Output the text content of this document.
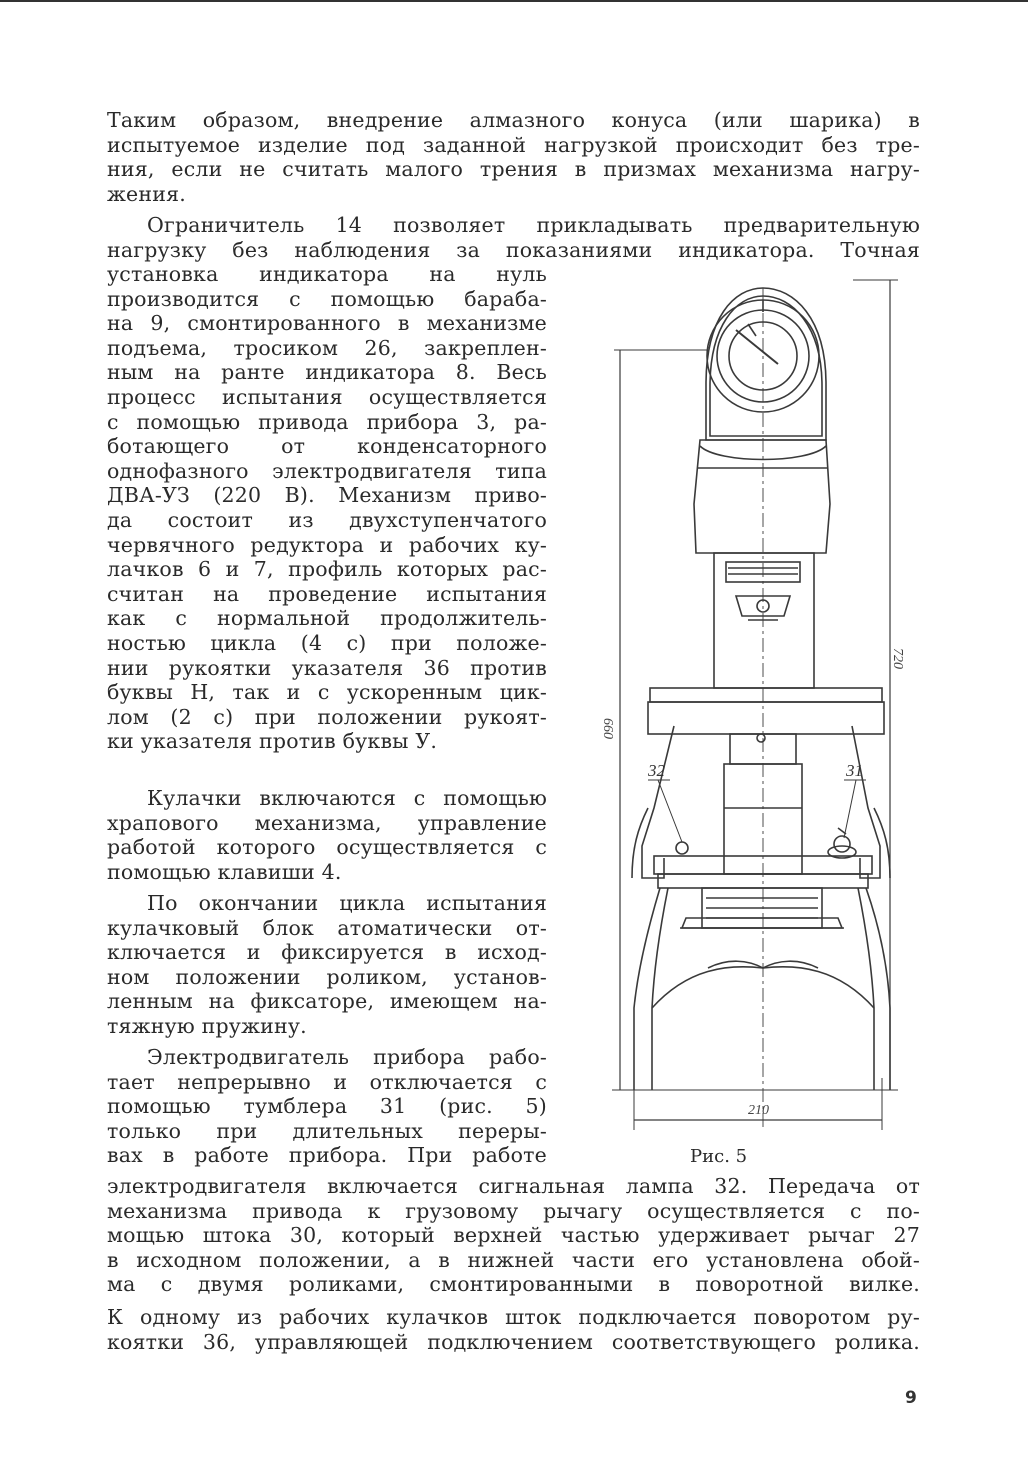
Таким образом, внедрение алмазного конуса (или шарика) в
испытуемое изделие под заданной нагрузкой происходит без тре-
ния, если не считать малого трения в призмах механизма нагру-
жения.
Ограничитель 14 позволяет прикладывать предварительную
нагрузку без наблюдения за показаниями индикатора. Точная
установка индикатора на нуль
производится с помощью бараба-
на 9, смонтированного в механизме
подъема, тросиком 26, закреплен-
ным на ранте индикатора 8. Весь
процесс испытания осуществляется
с помощью привода прибора 3, ра-
ботающего от конденсаторного
однофазного электродвигателя типа
ДВА-УЗ (220 В). Механизм приво-
да состоит из двухступенчатого
червячного редуктора и рабочих ку-
лачков 6 и 7, профиль которых рас-
считан на проведение испытания
как с нормальной продолжитель-
ностью цикла (4 с) при положе-
нии рукоятки указателя 36 против
буквы Н, так и с ускоренным цик-
лом (2 с) при положении рукоят-
ки указателя против буквы У.
Кулачки включаются с помощью
храпового механизма, управление
работой которого осуществляется с
помощью клавиши 4.
По окончании цикла испытания
кулачковый блок атоматически от-
ключается и фиксируется в исход-
ном положении роликом, установ-
ленным на фиксаторе, имеющем на-
тяжную пружину.
Электродвигатель прибора рабо-
тает непрерывно и отключается с
помощью тумблера 31 (рис. 5)
только при длительных переры-
вах в работе прибора. При работе
электродвигателя включается сигнальная лампа 32. Передача от
механизма привода к грузовому рычагу осуществляется с по-
мощью штока 30, который верхней частью удерживает рычаг 27
в исходном положении, а в нижней части его установлена обой-
ма с двумя роликами, смонтированными в поворотной вилке.
К одному из рабочих кулачков шток подключается поворотом ру-
коятки 36, управляющей подключением соответствующего ролика.
660
720
210
32	31
Рис. 5
9
